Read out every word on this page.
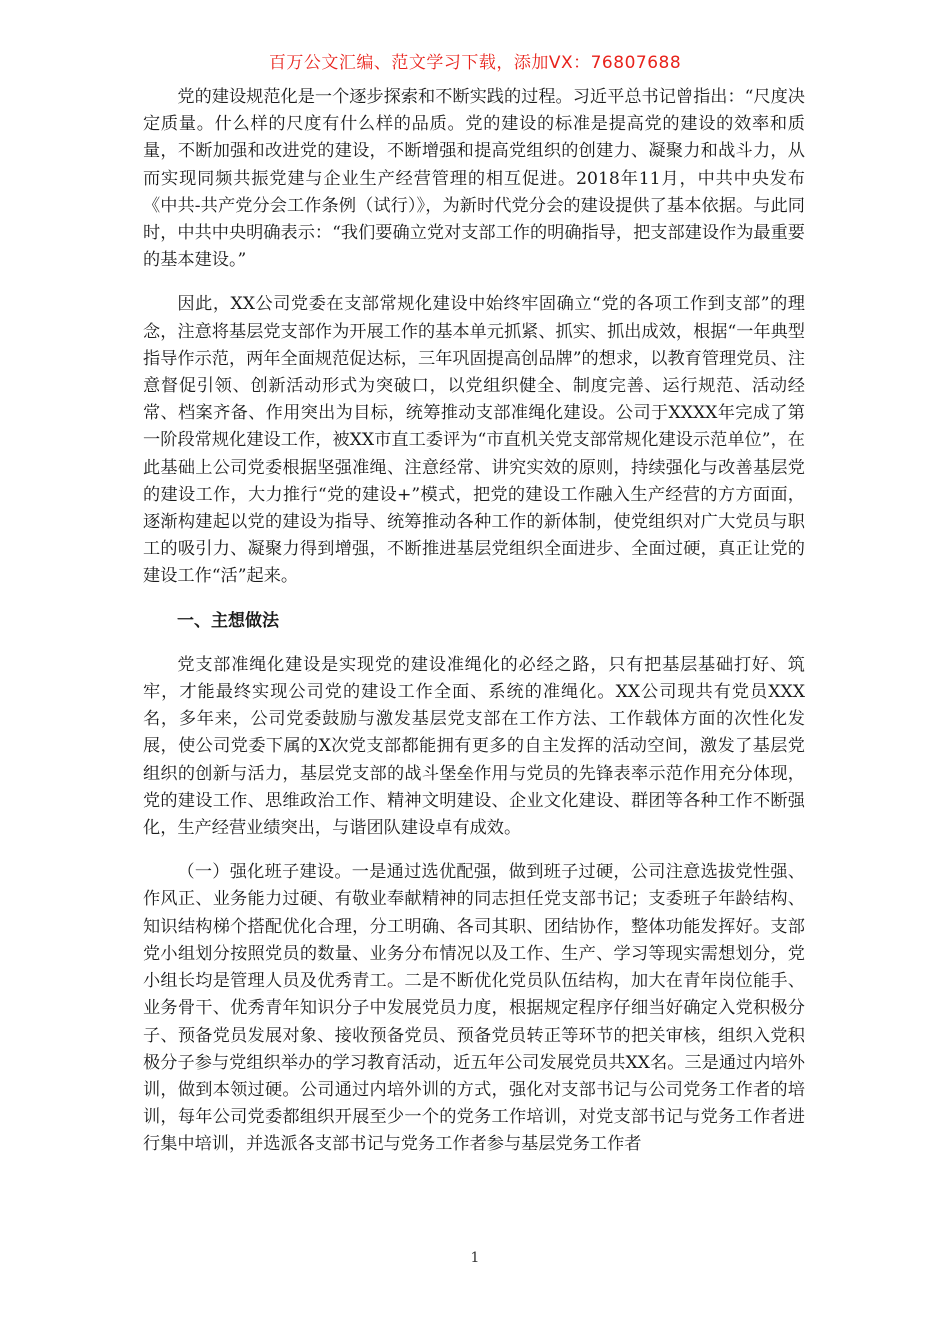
百万公文汇编、范文学习下载，添加VX：76807688

党的建设规范化是一个逐步探索和不断实践的过程。习近平总书记曾指出：“尺度决定质量。什么样的尺度有什么样的品质。党的建设的标准是提高党的建设的效率和质量，不断加强和改进党的建设，不断增强和提高党组织的创建力、凝聚力和战斗力，从而实现同频共振党建与企业生产经营管理的相互促进。2018年11月，中共中央发布《中共-共产党分会工作条例（试行）》，为新时代党分会的建设提供了基本依据。与此同时，中共中央明确表示：“我们要确立党对支部工作的明确指导，把支部建设作为最重要的基本建设。”

因此，XX公司党委在支部常规化建设中始终牢固确立“党的各项工作到支部”的理念，注意将基层党支部作为开展工作的基本单元抓紧、抓实、抓出成效，根据“一年典型指导作示范，两年全面规范促达标，三年巩固提高创品牌”的想求，以教育管理党员、注意督促引领、创新活动形式为突破口，以党组织健全、制度完善、运行规范、活动经常、档案齐备、作用突出为目标，统筹推动支部准绳化建设。公司于XXXX年完成了第一阶段常规化建设工作，被XX市直工委评为“市直机关党支部常规化建设示范单位”，在此基础上公司党委根据坚强准绳、注意经常、讲究实效的原则，持续强化与改善基层党的建设工作，大力推行“党的建设+”模式，把党的建设工作融入生产经营的方方面面，逐渐构建起以党的建设为指导、统筹推动各种工作的新体制，使党组织对广大党员与职工的吸引力、凝聚力得到增强，不断推进基层党组织全面进步、全面过硬，真正让党的建设工作“活”起来。

一、主想做法

党支部准绳化建设是实现党的建设准绳化的必经之路，只有把基层基础打好、筑牢，才能最终实现公司党的建设工作全面、系统的准绳化。XX公司现共有党员XXX名，多年来，公司党委鼓励与激发基层党支部在工作方法、工作载体方面的次性化发展，使公司党委下属的X次党支部都能拥有更多的自主发挥的活动空间，激发了基层党组织的创新与活力，基层党支部的战斗堡垒作用与党员的先锋表率示范作用充分体现，党的建设工作、思维政治工作、精神文明建设、企业文化建设、群团等各种工作不断强化，生产经营业绩突出，与谐团队建设卓有成效。

（一）强化班子建设。一是通过选优配强，做到班子过硬，公司注意选拔党性强、作风正、业务能力过硬、有敬业奉献精神的同志担任党支部书记；支委班子年龄结构、知识结构梯个搭配优化合理，分工明确、各司其职、团结协作，整体功能发挥好。支部党小组划分按照党员的数量、业务分布情况以及工作、生产、学习等现实需想划分，党小组长均是管理人员及优秀青工。二是不断优化党员队伍结构，加大在青年岗位能手、业务骨干、优秀青年知识分子中发展党员力度，根据规定程序仔细当好确定入党积极分子、预备党员发展对象、接收预备党员、预备党员转正等环节的把关审核，组织入党积极分子参与党组织举办的学习教育活动，近五年公司发展党员共XX名。三是通过内培外训，做到本领过硬。公司通过内培外训的方式，强化对支部书记与公司党务工作者的培训，每年公司党委都组织开展至少一个的党务工作培训，对党支部书记与党务工作者进行集中培训，并选派各支部书记与党务工作者参与基层党务工作者

1
